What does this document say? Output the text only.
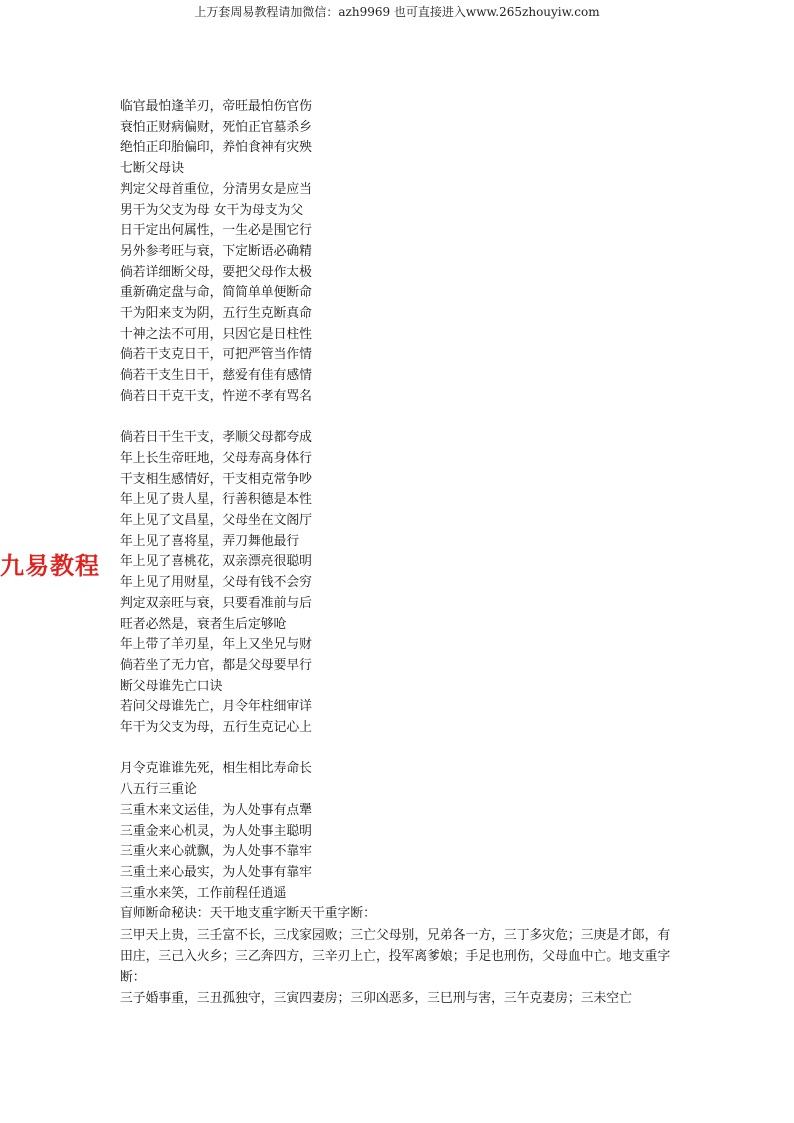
上万套周易教程请加微信：azh9969 也可直接进入www.265zhouyiw.com
九易教程
临官最怕逢羊刃，帝旺最怕伤官伤
衰怕正财病偏财，死怕正官墓杀乡
绝怕正印胎偏印，养怕食神有灾殃
七断父母诀
判定父母首重位，分清男女是应当
男干为父支为母 女干为母支为父
日干定出何属性，一生必是围它行
另外参考旺与衰，下定断语必确精
倘若详细断父母，要把父母作太极
重新确定盘与命，简简单单便断命
干为阳来支为阴，五行生克断真命
十神之法不可用，只因它是日柱性
倘若干支克日干，可把严管当作情
倘若干支生日干，慈爱有佳有感情
倘若日干克干支，忤逆不孝有骂名
倘若日干生干支，孝顺父母都夸成
年上长生帝旺地，父母寿高身体行
干支相生感情好，干支相克常争吵
年上见了贵人星，行善积德是本性
年上见了文昌星，父母坐在文阁厅
年上见了喜将星，弄刀舞他最行
年上见了喜桃花，双亲漂亮很聪明
年上见了用财星，父母有钱不会穷
判定双亲旺与衰，只要看准前与后
旺者必然是，衰者生后定够呛
年上带了羊刃星，年上又坐兄与财
倘若坐了无力官，都是父母要早行
断父母谁先亡口诀
若问父母谁先亡，月令年柱细审详
年干为父支为母，五行生克记心上
月令克谁谁先死，相生相比寿命长
八五行三重论
三重木来文运佳，为人处事有点犟
三重金来心机灵，为人处事主聪明
三重火来心就飘，为人处事不靠牢
三重土来心最实，为人处事有靠牢
三重水来笑，工作前程任逍遥
盲师断命秘诀：天干地支重字断天干重字断：
三甲天上贵，三壬富不长，三戊家园败；三亡父母别，兄弟各一方，三丁多灾危；三庚是才郎，有田庄，三己入火乡；三乙奔四方，三辛刃上亡，投军离爹娘；手足也刑伤，父母血中亡。地支重字断：
三子婚事重，三丑孤独守，三寅四妻房；三卯凶恶多，三巳刑与害，三午克妻房；三未空亡
